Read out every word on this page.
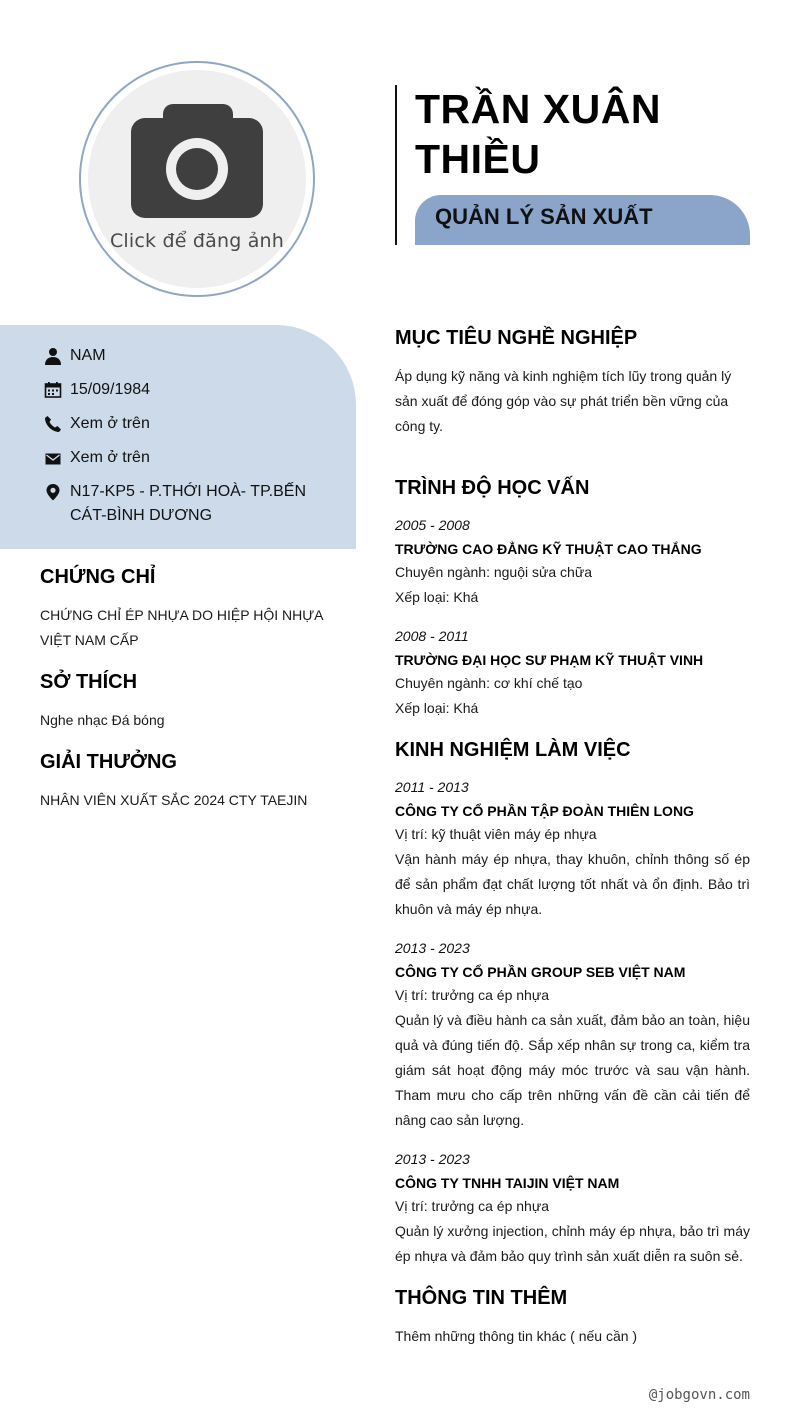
Click để đăng ảnh
TRẦN XUÂN THIỀU
QUẢN LÝ SẢN XUẤT
NAM
15/09/1984
Xem ở trên
Xem ở trên
N17-KP5 - P.THỚI HOÀ- TP.BẾN CÁT-BÌNH DƯƠNG
CHỨNG CHỈ
CHỨNG CHỈ ÉP NHỰA DO HIỆP HỘI NHỰA VIỆT NAM CẤP
SỞ THÍCH
Nghe nhạc Đá bóng
GIẢI THƯỞNG
NHÂN VIÊN XUẤT SẮC 2024 CTY TAEJIN
MỤC TIÊU NGHỀ NGHIỆP
Áp dụng kỹ năng và kinh nghiệm tích lũy trong quản lý sản xuất để đóng góp vào sự phát triển bền vững của công ty.
TRÌNH ĐỘ HỌC VẤN
2005 - 2008
TRƯỜNG CAO ĐẲNG KỸ THUẬT CAO THẮNG
Chuyên ngành: nguội sửa chữa
Xếp loại: Khá
2008 - 2011
TRƯỜNG ĐẠI HỌC SƯ PHẠM KỸ THUẬT VINH
Chuyên ngành: cơ khí chế tạo
Xếp loại: Khá
KINH NGHIỆM LÀM VIỆC
2011 - 2013
CÔNG TY CỔ PHẦN TẬP ĐOÀN THIÊN LONG
Vị trí: kỹ thuật viên máy ép nhựa
Vận hành máy ép nhựa, thay khuôn, chỉnh thông số ép để sản phẩm đạt chất lượng tốt nhất và ổn định. Bảo trì khuôn và máy ép nhựa.
2013 - 2023
CÔNG TY CỔ PHẦN GROUP SEB VIỆT NAM
Vị trí: trưởng ca ép nhựa
Quản lý và điều hành ca sản xuất, đảm bảo an toàn, hiệu quả và đúng tiến độ. Sắp xếp nhân sự trong ca, kiểm tra giám sát hoạt động máy móc trước và sau vận hành. Tham mưu cho cấp trên những vấn đề cần cải tiến để nâng cao sản lượng.
2013 - 2023
CÔNG TY TNHH TAIJIN VIỆT NAM
Vị trí: trưởng ca ép nhựa
Quản lý xưởng injection, chỉnh máy ép nhựa, bảo trì máy ép nhựa và đảm bảo quy trình sản xuất diễn ra suôn sẻ.
THÔNG TIN THÊM
Thêm những thông tin khác ( nếu cần )
@jobgovn.com
